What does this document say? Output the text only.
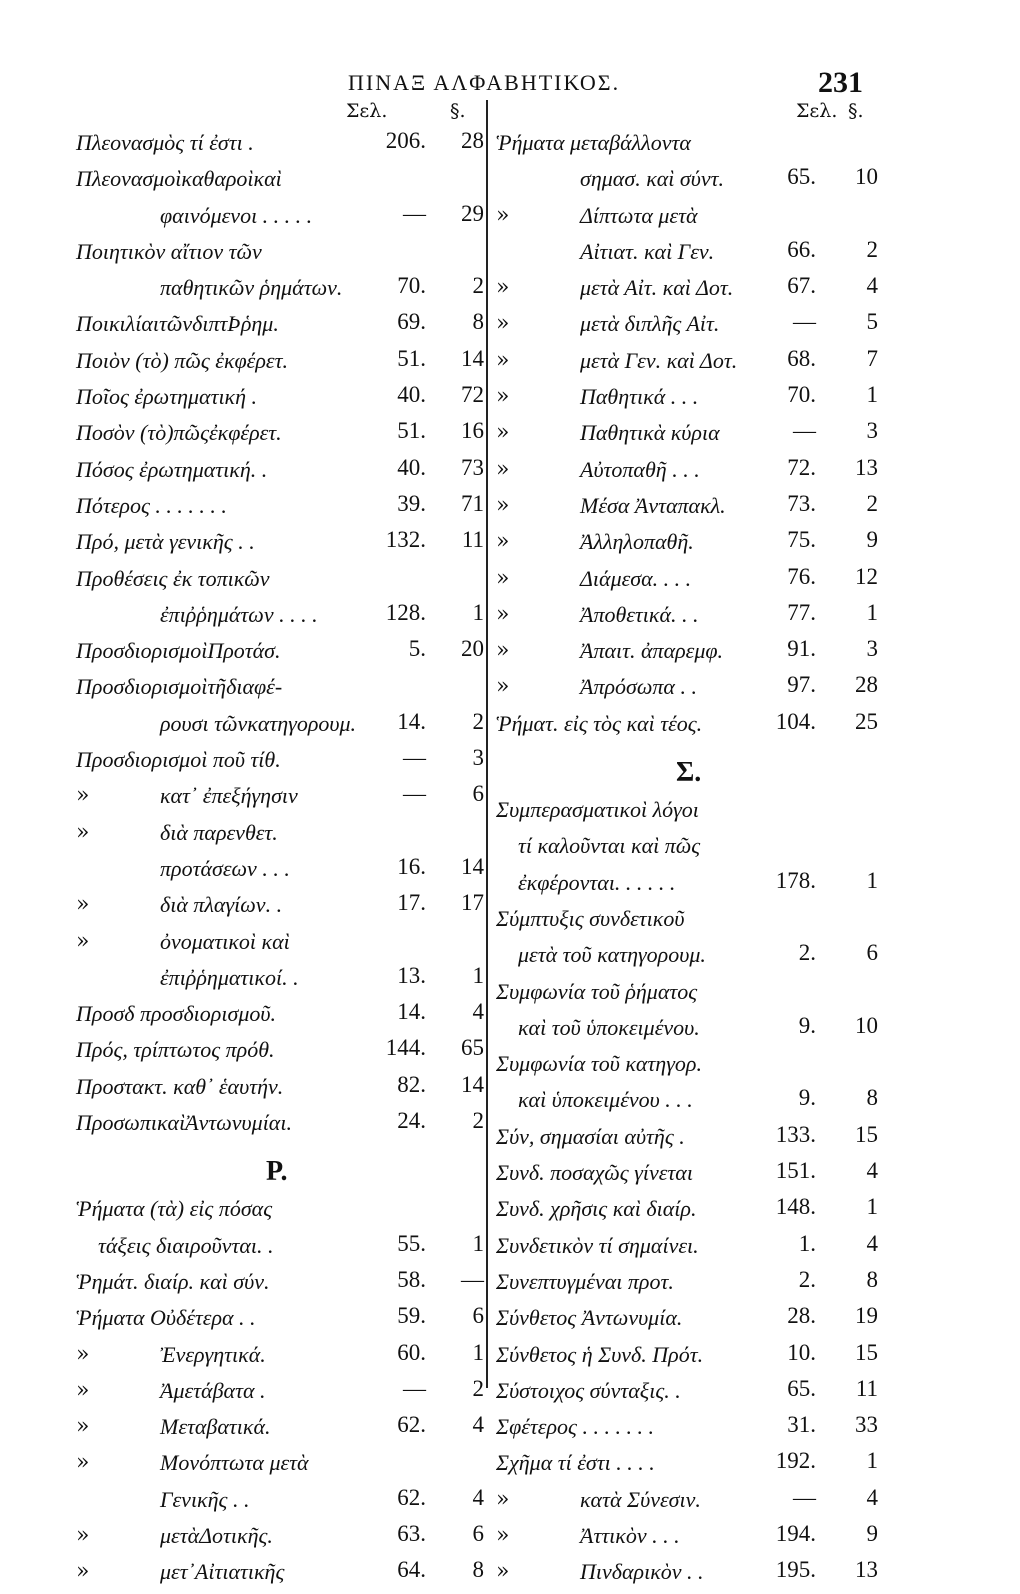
ΠΙΝΑΞ ΑΛΦΑΒΗΤΙΚΟΣ.	231
Σελ.	§.
Πλεονασμὸς τί ἐστι .	206. 28
Πλεονασμοὶκαθαροὶκαὶ
φαινόμενοι . . . . .	— 29
Ποιητικὸν αἴτιον τῶν
παθητικῶν ῥημάτων. 70. 2
ΠοικιλίαιτῶνδιπτÞῥημ.	69. 8
Ποιὸν (τὸ) πῶς ἐκφέρετ.	51. 14
Ποῖος ἐρωτηματική .	40. 72
Ποσὸν (τὸ)πῶςἐκφέρετ.	51. 16
Πόσος ἐρωτηματική. .	40. 73
Πότερος . . . . . . .	39. 71
Πρό, μετὰ γενικῆς . .	132. 11
Προθέσεις ἐκ τοπικῶν
ἐπιῤῥημάτων . . . .	128. 1
ΠροσδιορισμοὶΠροτάσ.	5. 20
Προσδιορισμοὶτῆδιαφέ-
ρουσι τῶνκατηγορουμ. 14. 2
Προσδιορισμοὶ ποῦ τίθ.	— 3
»	κατ᾿ ἐπεξήγησιν	— 6
»	διὰ παρενθετ.
προτάσεων . . .	16. 14
»	διὰ πλαγίων. .	17. 17
»	ὀνοματικοὶ καὶ
ἐπιῤῥηματικοί. .	13. 1
Προσδ προσδιορισμοῦ.	14. 4
Πρός, τρίπτωτος πρόθ.	144. 65
Προστακτ. καθ᾿ ἑαυτήν.	82. 14
ΠροσωπικαὶἈντωνυμίαι.	24. 2
Ρ.
Ῥήματα (τὰ) εἰς πόσας
τάξεις διαιροῦνται. .	55. 1
Ῥημάτ. διαίρ. καὶ σύν.	58. —
Ῥήματα Οὐδέτερα . .	59. 6
»	Ἐνεργητικά.	60. 1
»	Ἀμετάβατα .	— 2
»	Μεταβατικά.	62. 4
»	Μονόπτωτα μετὰ
Γενικῆς . .	62. 4
»	μετὰΔοτικῆς.	63. 6
»	μετ᾿Αἰτιατικῆς	64. 8
Σελ. §.
Ῥήματα μεταβάλλοντα
σημασ. καὶ σύντ.	65. 10
»	Δίπτωτα μετὰ
Αἰτιατ. καὶ Γεν.	66. 2
»	μετὰ Αἰτ. καὶ Δοτ. 67. 4
»	μετὰ διπλῆς Αἰτ.	— 5
»	μετὰ Γεν. καὶ Δοτ. 68. 7
»	Παθητικά . . .	70. 1
»	Παθητικὰ κύρια	— 3
»	Αὐτοπαθῆ . . .	72. 13
»	Μέσα Ἀνταπακλ.	73. 2
»	Ἀλληλοπαθῆ.	75. 9
»	Διάμεσα. . . .	76. 12
»	Ἀποθετικά. . .	77. 1
»	Ἀπαιτ. ἀπαρεμφ.	91. 3
»	Ἀπρόσωπα . .	97. 28
Ῥήματ. εἰς τὸς καὶ τέος.	104. 25
Σ.
Συμπερασματικοὶ λόγοι
τί καλοῦνται καὶ πῶς
ἐκφέρονται. . . . . .	178. 1
Σύμπτυξις συνδετικοῦ
μετὰ τοῦ κατηγορουμ.	2. 6
Συμφωνία τοῦ ῥήματος
καὶ τοῦ ὑποκειμένου.	9. 10
Συμφωνία τοῦ κατηγορ.
καὶ ὑποκειμένου . . .	9. 8
Σύν, σημασίαι αὐτῆς .	133. 15
Συνδ. ποσαχῶς γίνεται	151. 4
Συνδ. χρῆσις καὶ διαίρ.	148. 1
Συνδετικὸν τί σημαίνει.	1. 4
Συνεπτυγμέναι προτ.	2. 8
Σύνθετος Ἀντωνυμία.	28. 19
Σύνθετος ἡ Συνδ. Πρότ.	10. 15
Σύστοιχος σύνταξις. .	65. 11
Σφέτερος . . . . . . .	31. 33
Σχῆμα τί ἐστι . . . .	192. 1
»	κατὰ Σύνεσιν.	— 4
»	Ἀττικὸν . . .	194. 9
»	Πινδαρικὸν . .	195. 13
